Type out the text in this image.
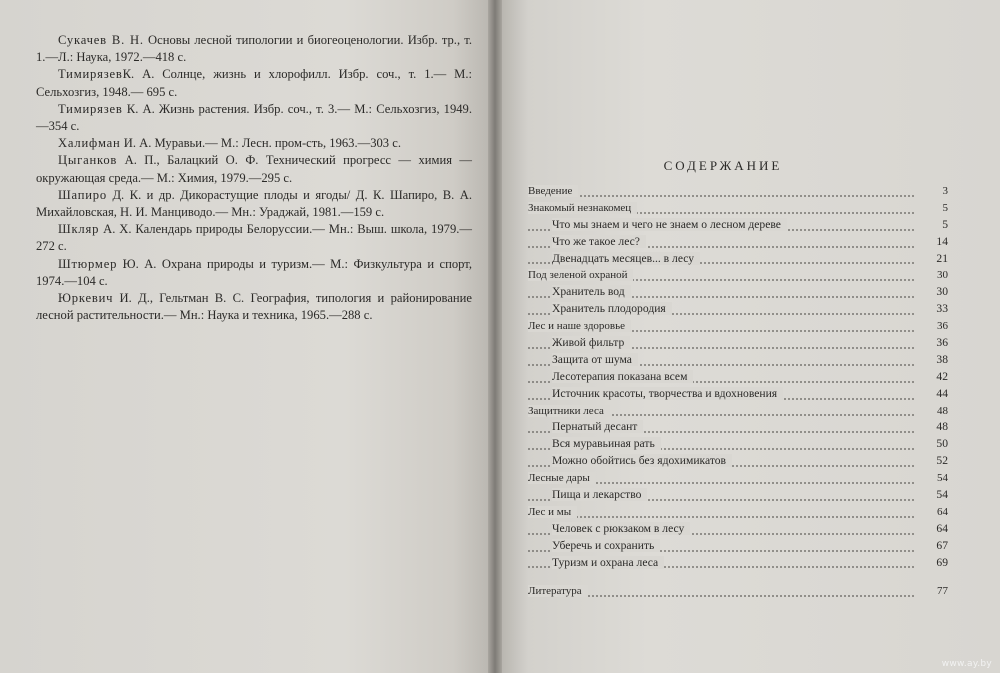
Сукачев В. Н. Основы лесной типологии и биогеоценологии. Избр. тр., т. 1.—Л.: Наука, 1972.—418 с.

ТимирязевК. А. Солнце, жизнь и хлорофилл. Избр. соч., т. 1.— М.: Сельхозгиз, 1948.— 695 с.

Тимирязев К. А. Жизнь растения. Избр. соч., т. 3.— М.: Сельхозгиз, 1949.—354 с.

Халифман И. А. Муравьи.— М.: Лесн. пром-сть, 1963.—303 с.

Цыганков А. П., Балацкий О. Ф. Технический прогресс — химия — окружающая среда.— М.: Химия, 1979.—295 с.

Шапиро Д. К. и др. Дикорастущие плоды и ягоды/ Д. К. Шапиро, В. А. Михайловская, Н. И. Манциводо.— Мн.: Ураджай, 1981.—159 с.

Шкляр А. Х. Календарь природы Белоруссии.— Мн.: Выш. школа, 1979.—272 с.

Штюрмер Ю. А. Охрана природы и туризм.— М.: Физкультура и спорт, 1974.—104 с.

Юркевич И. Д., Гельтман В. С. География, типология и районирование лесной растительности.— Мн.: Наука и техника, 1965.—288 с.

СОДЕРЖАНИЕ
Введение	3
Знакомый незнакомец	5
Что мы знаем и чего не знаем о лесном дереве	5
Что же такое лес?	14
Двенадцать месяцев... в лесу	21
Под зеленой охраной	30
Хранитель вод	30
Хранитель плодородия	33
Лес и наше здоровье	36
Живой фильтр	36
Защита от шума	38
Лесотерапия показана всем	42
Источник красоты, творчества и вдохновения	44
Защитники леса	48
Пернатый десант	48
Вся муравьиная рать	50
Можно обойтись без ядохимикатов	52
Лесные дары	54
Пища и лекарство	54
Лес и мы	64
Человек с рюкзаком в лесу	64
Уберечь и сохранить	67
Туризм и охрана леса	69
Литература	77
www.ay.by
